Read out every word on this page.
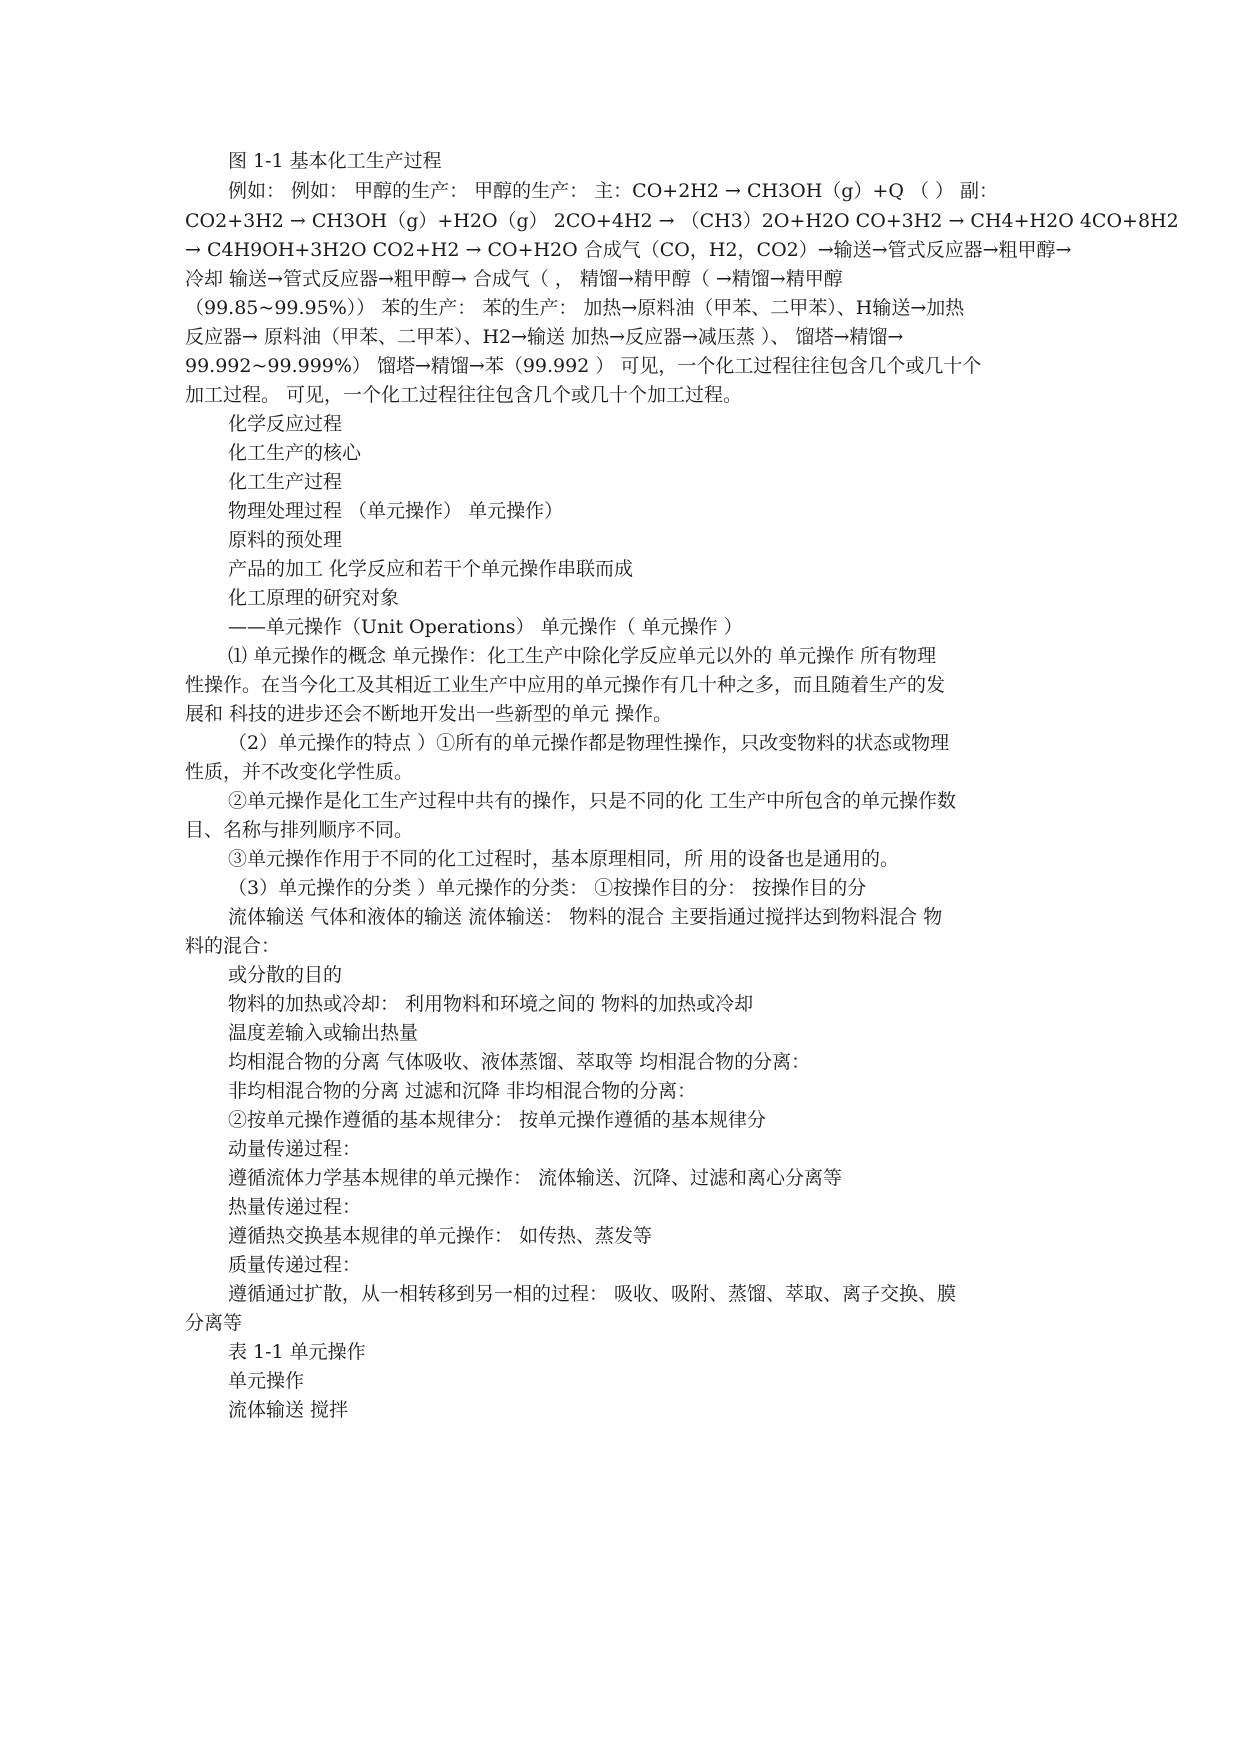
图 1-1 基本化工生产过程
例如： 例如： 甲醇的生产： 甲醇的生产： 主：CO+2H2 → CH3OH（g）+Q （ ） 副：
CO2+3H2 → CH3OH（g）+H2O（g） 2CO+4H2 → （CH3）2O+H2O CO+3H2 → CH4+H2O 4CO+8H2
→ C4H9OH+3H2O CO2+H2 → CO+H2O 合成气（CO，H2，CO2）→输送→管式反应器→粗甲醇→
冷却 输送→管式反应器→粗甲醇→ 合成气（ ， 精馏→精甲醇（ →精馏→精甲醇
（99.85~99.95%）） 苯的生产： 苯的生产： 加热→原料油（甲苯、二甲苯）、H输送→加热
反应器→ 原料油（甲苯、二甲苯）、H2→输送 加热→反应器→减压蒸 ）、 馏塔→精馏→
99.992~99.999%） 馏塔→精馏→苯（99.992 ） 可见，一个化工过程往往包含几个或几十个
加工过程。 可见，一个化工过程往往包含几个或几十个加工过程。
化学反应过程
化工生产的核心
化工生产过程
物理处理过程 （单元操作） 单元操作）
原料的预处理
产品的加工 化学反应和若干个单元操作串联而成
化工原理的研究对象
——单元操作（Unit Operations） 单元操作（ 单元操作 ）
⑴ 单元操作的概念 单元操作：化工生产中除化学反应单元以外的 单元操作 所有物理
性操作。在当今化工及其相近工业生产中应用的单元操作有几十种之多，而且随着生产的发
展和 科技的进步还会不断地开发出一些新型的单元 操作。
（2）单元操作的特点 ）①所有的单元操作都是物理性操作，只改变物料的状态或物理
性质，并不改变化学性质。
②单元操作是化工生产过程中共有的操作，只是不同的化 工生产中所包含的单元操作数
目、名称与排列顺序不同。
③单元操作作用于不同的化工过程时，基本原理相同，所 用的设备也是通用的。
（3）单元操作的分类 ）单元操作的分类： ①按操作目的分： 按操作目的分
流体输送 气体和液体的输送 流体输送： 物料的混合 主要指通过搅拌达到物料混合 物
料的混合：
或分散的目的
物料的加热或冷却： 利用物料和环境之间的 物料的加热或冷却
温度差输入或输出热量
均相混合物的分离 气体吸收、液体蒸馏、萃取等 均相混合物的分离：
非均相混合物的分离 过滤和沉降 非均相混合物的分离：
②按单元操作遵循的基本规律分： 按单元操作遵循的基本规律分
动量传递过程：
遵循流体力学基本规律的单元操作： 流体输送、沉降、过滤和离心分离等
热量传递过程：
遵循热交换基本规律的单元操作： 如传热、蒸发等
质量传递过程：
遵循通过扩散，从一相转移到另一相的过程： 吸收、吸附、蒸馏、萃取、离子交换、膜
分离等
表 1-1 单元操作
单元操作
流体输送 搅拌
